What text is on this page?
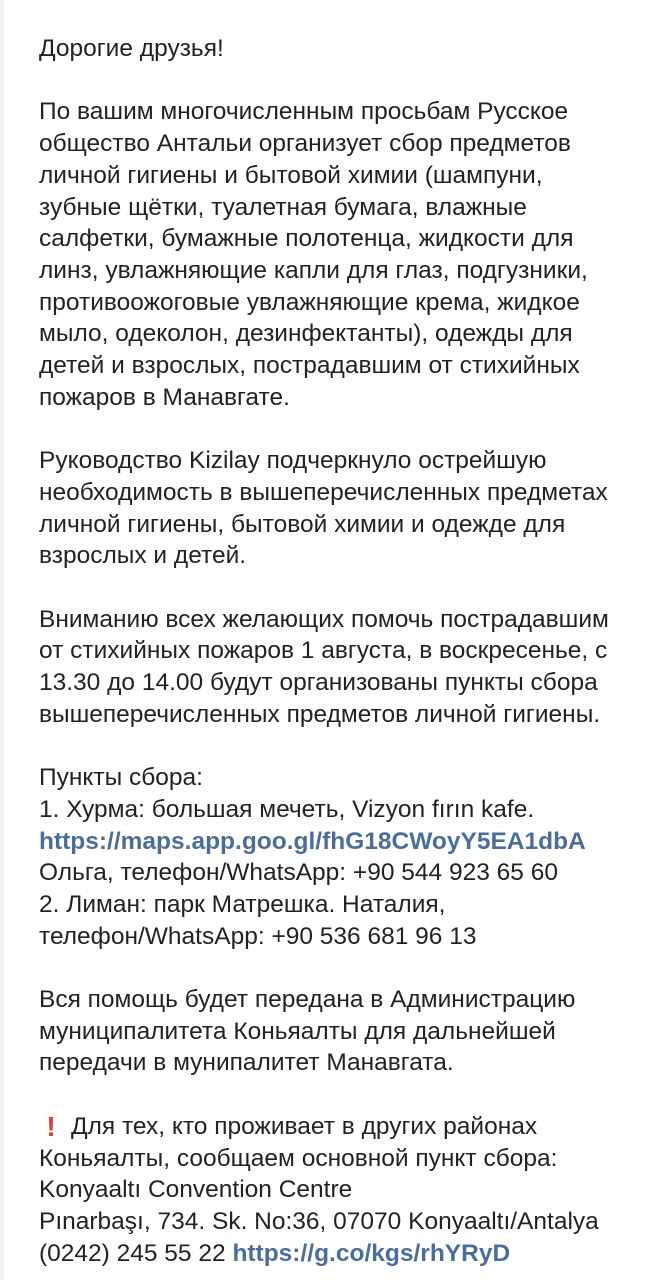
Дорогие друзья!

По вашим многочисленным просьбам Русское

общество Антальи организует сбор предметов

личной гигиены и бытовой химии (шампуни,

зубные щётки, туалетная бумага, влажные

салфетки, бумажные полотенца, жидкости для

линз, увлажняющие капли для глаз, подгузники,

противоожоговые увлажняющие крема, жидкое

мыло, одеколон, дезинфектанты), одежды для

детей и взрослых, пострадавшим от стихийных

пожаров в Манавгате.

Руководство Kizilay подчеркнуло острейшую

необходимость в вышеперечисленных предметах

личной гигиены, бытовой химии и одежде для

взрослых и детей.

Вниманию всех желающих помочь пострадавшим

от стихийных пожаров 1 августа, в воскресенье, с

13.30 до 14.00 будут организованы пункты сбора

вышеперечисленных предметов личной гигиены.

Пункты сбора:

1. Хурма: большая мечеть, Vizyon fırın kafe.

https://maps.app.goo.gl/fhG18CWoyY5EA1dbA

Ольга, телефон/WhatsApp: +90 544 923 65 60

2. Лиман: парк Матрешка. Наталия,

телефон/WhatsApp: +90 536 681 96 13

Вся помощь будет передана в Администрацию

муниципалитета Коньяалты для дальнейшей

передачи в мунипалитет Манавгата.

! Для тех, кто проживает в других районах

Коньяалты, сообщаем основной пункт сбора:

Konyaaltı Convention Centre

Pınarbaşı, 734. Sk. No:36, 07070 Konyaaltı/Antalya

(0242) 245 55 22 https://g.co/kgs/rhYRyD
